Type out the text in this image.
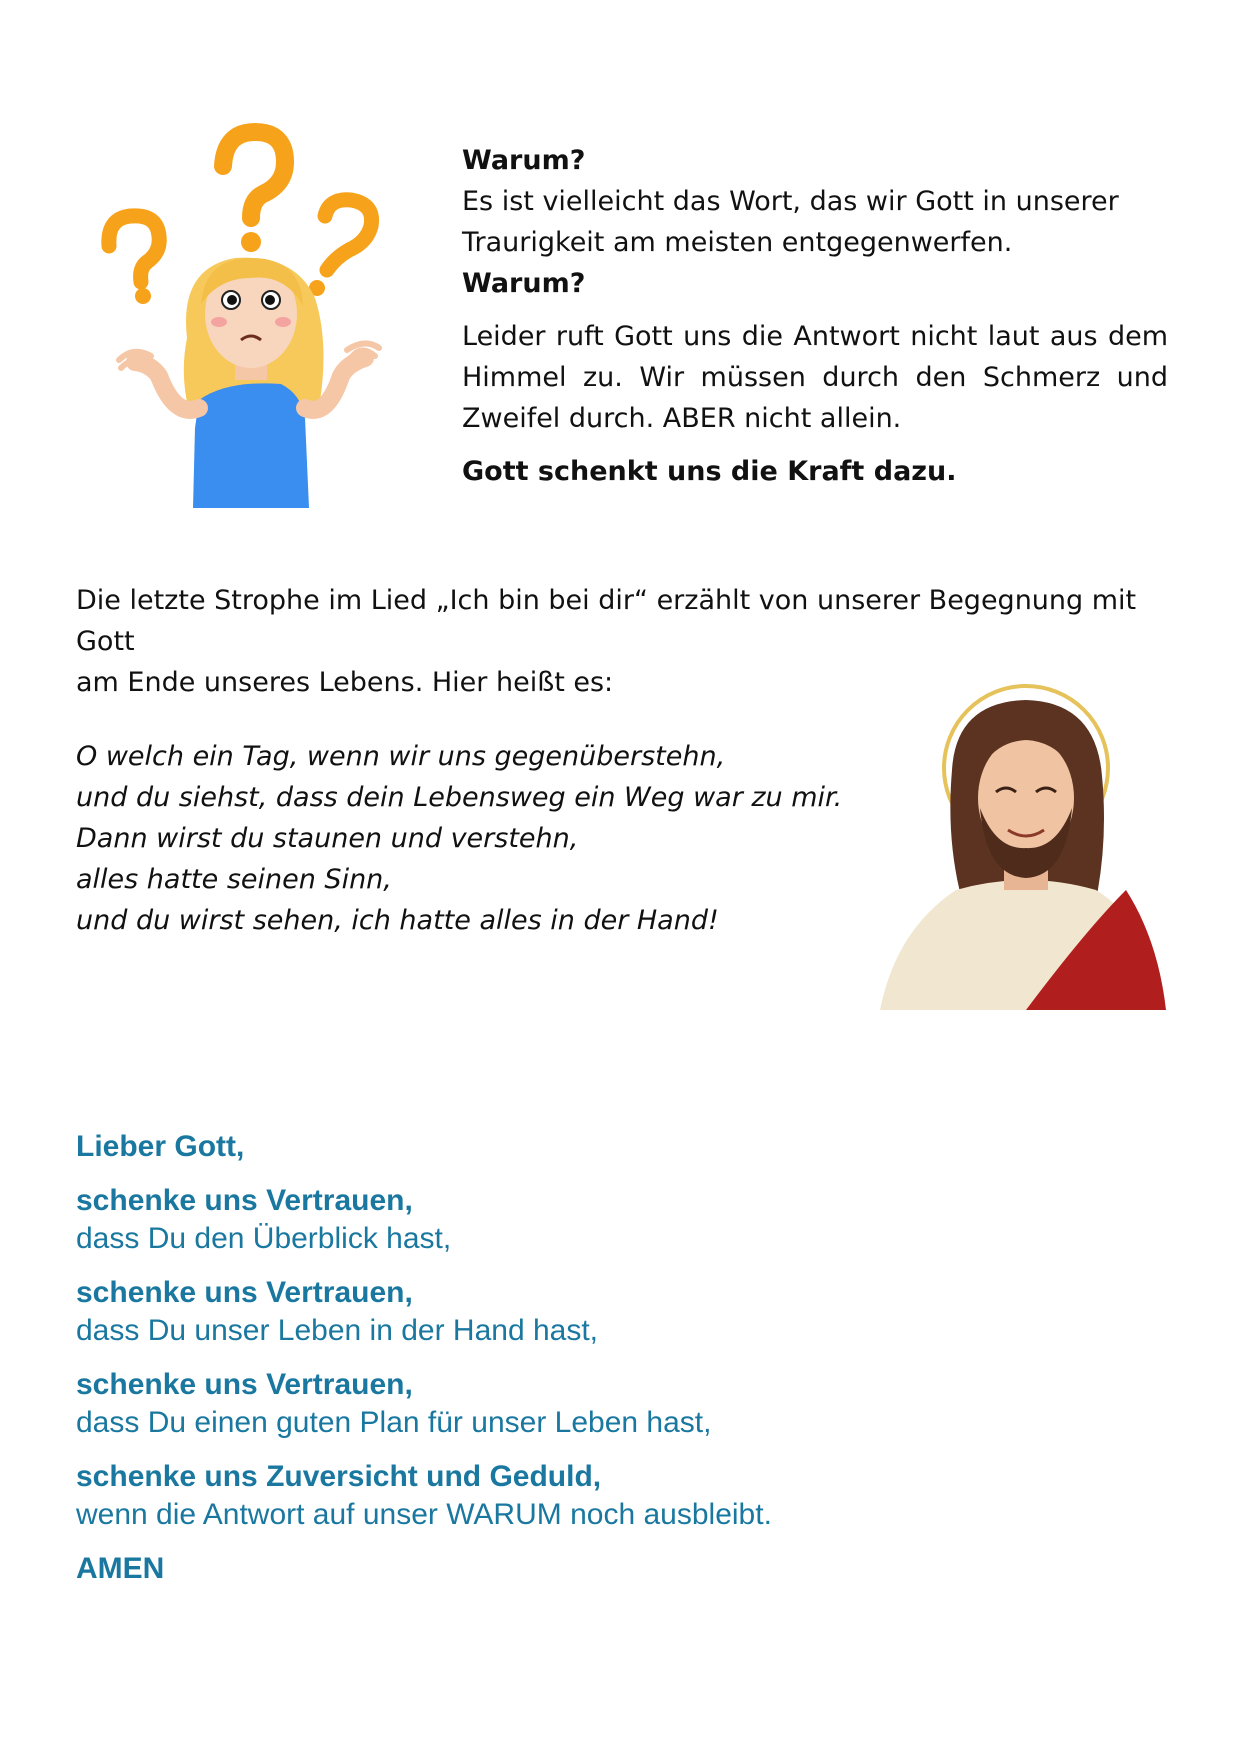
Warum?

Es ist vielleicht das Wort, das wir Gott in unserer

Traurigkeit am meisten entgegenwerfen.

Warum?

Leider ruft Gott uns die Antwort nicht laut aus dem Himmel zu. Wir müssen durch den Schmerz und Zweifel durch. ABER nicht allein.

Gott schenkt uns die Kraft dazu.

Die letzte Strophe im Lied „Ich bin bei dir“ erzählt von unserer Begegnung mit Gott

am Ende unseres Lebens. Hier heißt es:

O welch ein Tag, wenn wir uns gegenüberstehn,
und du siehst, dass dein Lebensweg ein Weg war zu mir.
Dann wirst du staunen und verstehn,
alles hatte seinen Sinn,
und du wirst sehen, ich hatte alles in der Hand!
Lieber Gott,
schenke uns Vertrauen,
dass Du den Überblick hast,
schenke uns Vertrauen,
dass Du unser Leben in der Hand hast,
schenke uns Vertrauen,
dass Du einen guten Plan für unser Leben hast,
schenke uns Zuversicht und Geduld,
wenn die Antwort auf unser WARUM noch ausbleibt.
AMEN
